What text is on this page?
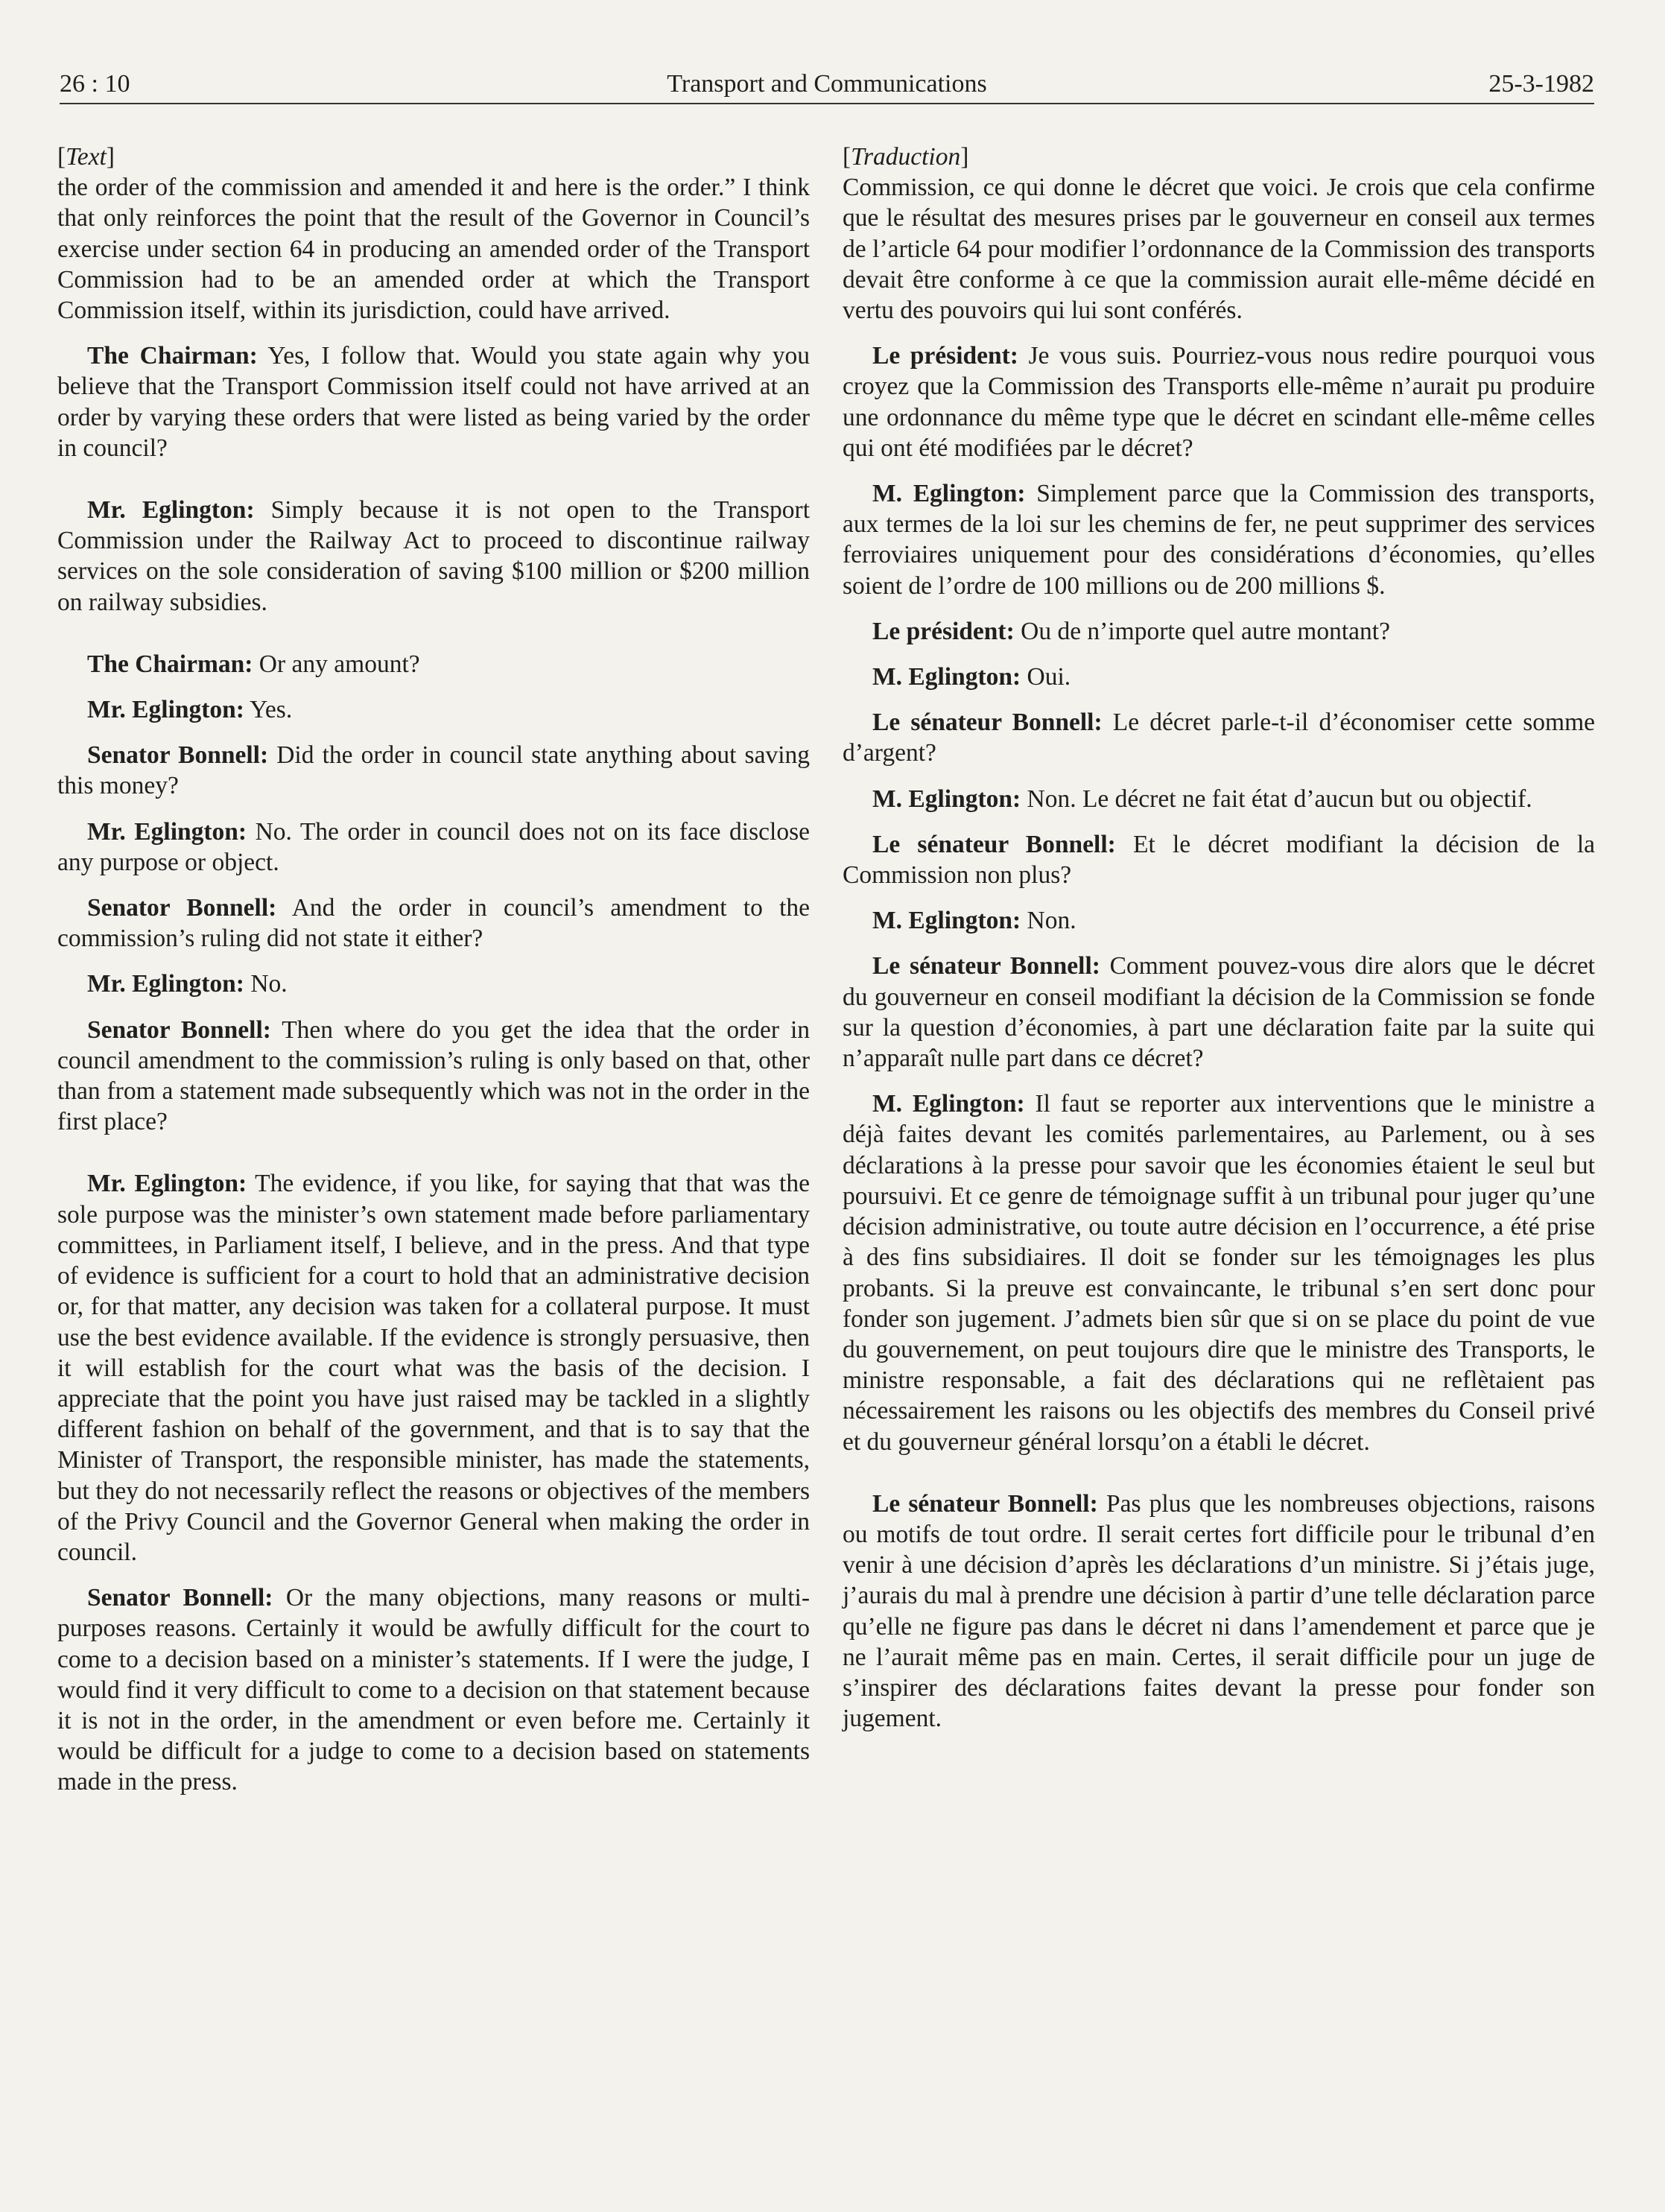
26 : 10	Transport and Communications	25-3-1982
[Text]

the order of the commission and amended it and here is the order.” I think that only reinforces the point that the result of the Governor in Council’s exercise under section 64 in producing an amended order of the Transport Commission had to be an amended order at which the Transport Commission itself, within its jurisdiction, could have arrived.

The Chairman: Yes, I follow that. Would you state again why you believe that the Transport Commission itself could not have arrived at an order by varying these orders that were listed as being varied by the order in council?

Mr. Eglington: Simply because it is not open to the Transport Commission under the Railway Act to proceed to discontinue railway services on the sole consideration of saving $100 million or $200 million on railway subsidies.

The Chairman: Or any amount?

Mr. Eglington: Yes.

Senator Bonnell: Did the order in council state anything about saving this money?

Mr. Eglington: No. The order in council does not on its face disclose any purpose or object.

Senator Bonnell: And the order in council’s amendment to the commission’s ruling did not state it either?

Mr. Eglington: No.

Senator Bonnell: Then where do you get the idea that the order in council amendment to the commission’s ruling is only based on that, other than from a statement made subsequently which was not in the order in the first place?

Mr. Eglington: The evidence, if you like, for saying that that was the sole purpose was the minister’s own statement made before parliamentary committees, in Parliament itself, I believe, and in the press. And that type of evidence is sufficient for a court to hold that an administrative decision or, for that matter, any decision was taken for a collateral purpose. It must use the best evidence available. If the evidence is strongly persuasive, then it will establish for the court what was the basis of the decision. I appreciate that the point you have just raised may be tackled in a slightly different fashion on behalf of the government, and that is to say that the Minister of Transport, the responsible minister, has made the statements, but they do not necessarily reflect the reasons or objectives of the members of the Privy Council and the Governor General when making the order in council.

Senator Bonnell: Or the many objections, many reasons or multi-purposes reasons. Certainly it would be awfully difficult for the court to come to a decision based on a minister’s statements. If I were the judge, I would find it very difficult to come to a decision on that statement because it is not in the order, in the amendment or even before me. Certainly it would be difficult for a judge to come to a decision based on statements made in the press.

[Traduction]

Commission, ce qui donne le décret que voici. Je crois que cela confirme que le résultat des mesures prises par le gouverneur en conseil aux termes de l’article 64 pour modifier l’ordonnance de la Commission des transports devait être conforme à ce que la commission aurait elle-même décidé en vertu des pouvoirs qui lui sont conférés.

Le président: Je vous suis. Pourriez-vous nous redire pourquoi vous croyez que la Commission des Transports elle-même n’aurait pu produire une ordonnance du même type que le décret en scindant elle-même celles qui ont été modifiées par le décret?

M. Eglington: Simplement parce que la Commission des transports, aux termes de la loi sur les chemins de fer, ne peut supprimer des services ferroviaires uniquement pour des considérations d’économies, qu’elles soient de l’ordre de 100 millions ou de 200 millions $.

Le président: Ou de n’importe quel autre montant?

M. Eglington: Oui.

Le sénateur Bonnell: Le décret parle-t-il d’économiser cette somme d’argent?

M. Eglington: Non. Le décret ne fait état d’aucun but ou objectif.

Le sénateur Bonnell: Et le décret modifiant la décision de la Commission non plus?

M. Eglington: Non.

Le sénateur Bonnell: Comment pouvez-vous dire alors que le décret du gouverneur en conseil modifiant la décision de la Commission se fonde sur la question d’économies, à part une déclaration faite par la suite qui n’apparaît nulle part dans ce décret?

M. Eglington: Il faut se reporter aux interventions que le ministre a déjà faites devant les comités parlementaires, au Parlement, ou à ses déclarations à la presse pour savoir que les économies étaient le seul but poursuivi. Et ce genre de témoignage suffit à un tribunal pour juger qu’une décision administrative, ou toute autre décision en l’occurrence, a été prise à des fins subsidiaires. Il doit se fonder sur les témoignages les plus probants. Si la preuve est convaincante, le tribunal s’en sert donc pour fonder son jugement. J’admets bien sûr que si on se place du point de vue du gouvernement, on peut toujours dire que le ministre des Transports, le ministre responsable, a fait des déclarations qui ne reflètaient pas nécessairement les raisons ou les objectifs des membres du Conseil privé et du gouverneur général lorsqu’on a établi le décret.

Le sénateur Bonnell: Pas plus que les nombreuses objections, raisons ou motifs de tout ordre. Il serait certes fort difficile pour le tribunal d’en venir à une décision d’après les déclarations d’un ministre. Si j’étais juge, j’aurais du mal à prendre une décision à partir d’une telle déclaration parce qu’elle ne figure pas dans le décret ni dans l’amendement et parce que je ne l’aurait même pas en main. Certes, il serait difficile pour un juge de s’inspirer des déclarations faites devant la presse pour fonder son jugement.
